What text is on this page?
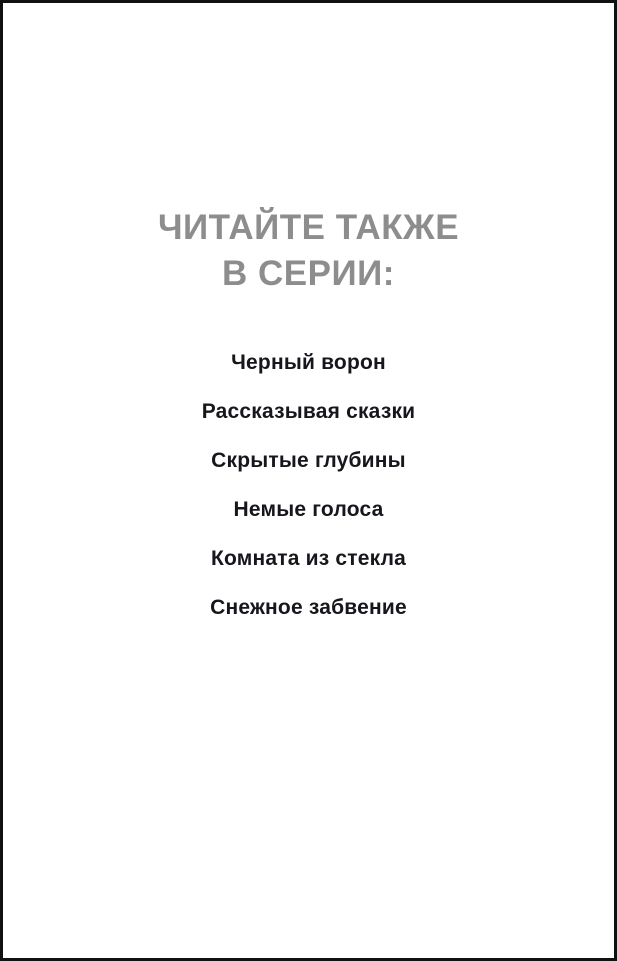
ЧИТАЙТЕ ТАКЖЕ
В СЕРИИ:
Черный ворон
Рассказывая сказки
Скрытые глубины
Немые голоса
Комната из стекла
Снежное забвение
